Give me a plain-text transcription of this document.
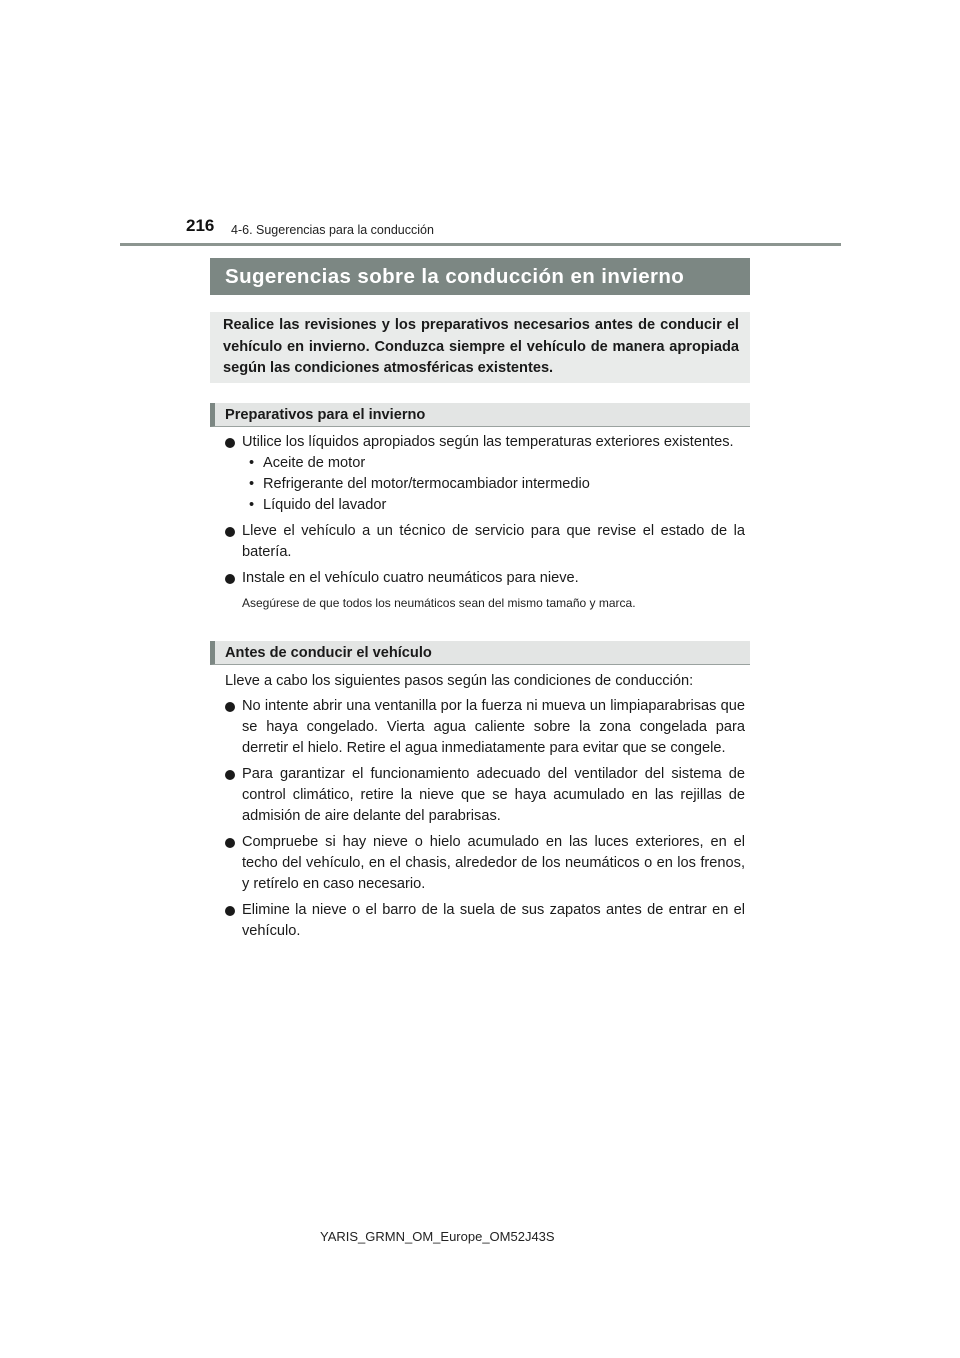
216 4-6. Sugerencias para la conducción
Sugerencias sobre la conducción en invierno
Realice las revisiones y los preparativos necesarios antes de conducir el vehículo en invierno. Conduzca siempre el vehículo de manera apropiada según las condiciones atmosféricas existentes.
Preparativos para el invierno
Utilice los líquidos apropiados según las temperaturas exteriores existentes.
• Aceite de motor
• Refrigerante del motor/termocambiador intermedio
• Líquido del lavador
Lleve el vehículo a un técnico de servicio para que revise el estado de la batería.
Instale en el vehículo cuatro neumáticos para nieve.
Asegúrese de que todos los neumáticos sean del mismo tamaño y marca.
Antes de conducir el vehículo
Lleve a cabo los siguientes pasos según las condiciones de conducción:
No intente abrir una ventanilla por la fuerza ni mueva un limpiaparabrisas que se haya congelado. Vierta agua caliente sobre la zona congelada para derretir el hielo. Retire el agua inmediatamente para evitar que se congele.
Para garantizar el funcionamiento adecuado del ventilador del sistema de control climático, retire la nieve que se haya acumulado en las rejillas de admisión de aire delante del parabrisas.
Compruebe si hay nieve o hielo acumulado en las luces exteriores, en el techo del vehículo, en el chasis, alrededor de los neumáticos o en los frenos, y retírelo en caso necesario.
Elimine la nieve o el barro de la suela de sus zapatos antes de entrar en el vehículo.
YARIS_GRMN_OM_Europe_OM52J43S
